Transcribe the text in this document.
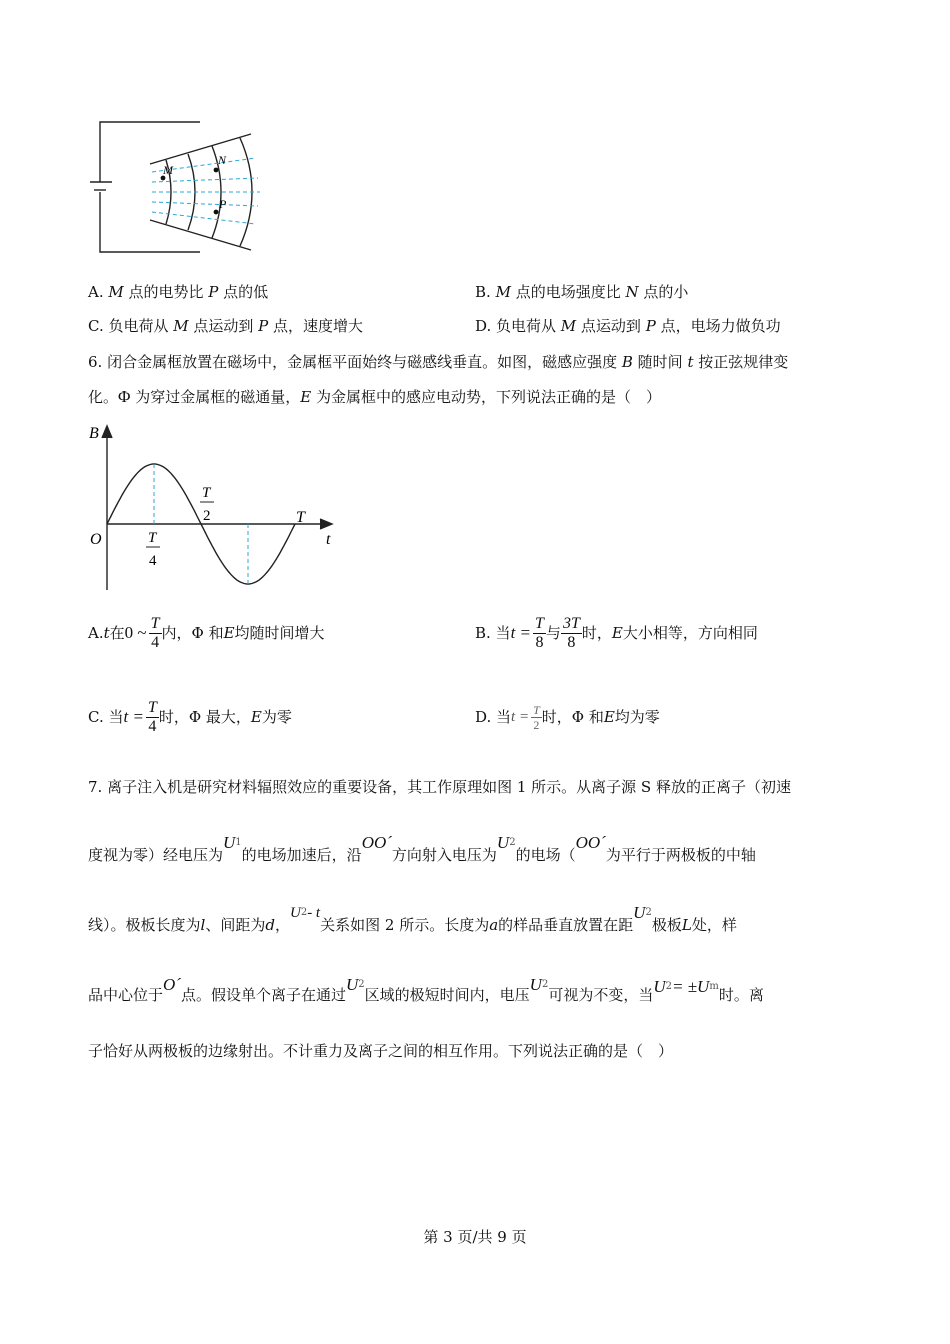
M
N
P
A. M 点的电势比 P 点的低	B. M 点的电场强度比 N 点的小
C. 负电荷从 M 点运动到 P 点，速度增大	D. 负电荷从 M 点运动到 P 点，电场力做负功
6. 闭合金属框放置在磁场中，金属框平面始终与磁感线垂直。如图，磁感应强度 B 随时间 t 按正弦规律变
化。Φ 为穿过金属框的磁通量，E 为金属框中的感应电动势，下列说法正确的是（　）
B
t
O
T
T
2
T
4
A. t 在 0 ~ $\frac{T}{4}$ 内，Φ 和 E 均随时间增大	B. 当 $t = \frac{T}{8}$ 与 $\frac{3T}{8}$ 时， E 大小相等，方向相同
C. 当 $t = \frac{T}{4}$ 时，Φ 最大， E 为零	D. 当 $t = \frac{T}{2}$ 时，Φ 和 E 均为零
7. 离子注入机是研究材料辐照效应的重要设备，其工作原理如图 1 所示。从离子源 S 释放的正离子（初速
度视为零）经电压为
U 1
的电场加速后，沿
OO´
方向射入电压为
U 2
的电场（
OO´
为平行于两极板的中轴
线）。极板长度为 l 、间距为 d ，
U 2 - t
关系如图 2 所示。长度为 a 的样品垂直放置在距
U 2
极板 L 处，样
品中心位于
O´
点。假设单个离子在通过
U 2
区域的极短时间内，电压
U 2
可视为不变，当 U 2 = ±U m 时。离
子恰好从两极板的边缘射出。不计重力及离子之间的相互作用。下列说法正确的是（　）
第 3 页/共 9 页
